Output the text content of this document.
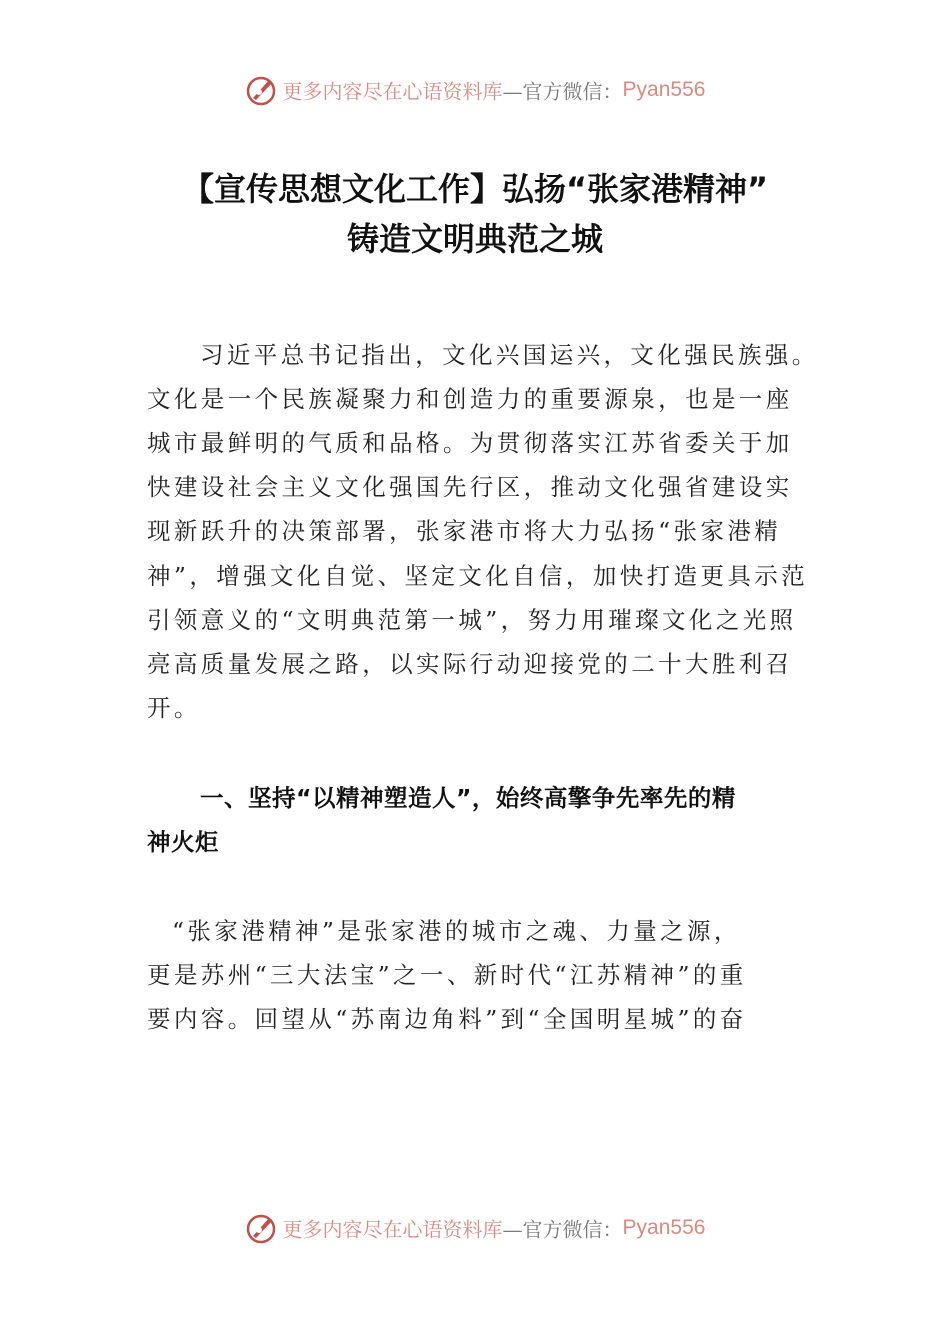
更多内容尽在心语资料库—官方微信：Pyan556
【宣传思想文化工作】弘扬“张家港精神”
铸造文明典范之城
习近平总书记指出，文化兴国运兴，文化强民族强。
文化是一个民族凝聚力和创造力的重要源泉，也是一座
城市最鲜明的气质和品格。为贯彻落实江苏省委关于加
快建设社会主义文化强国先行区，推动文化强省建设实
现新跃升的决策部署，张家港市将大力弘扬“张家港精
神”，增强文化自觉、坚定文化自信，加快打造更具示范
引领意义的“文明典范第一城”，努力用璀璨文化之光照
亮高质量发展之路，以实际行动迎接党的二十大胜利召
开。
一、坚持“以精神塑造人”，始终高擎争先率先的精
神火炬
“张家港精神”是张家港的城市之魂、力量之源，
更是苏州“三大法宝”之一、新时代“江苏精神”的重
要内容。回望从“苏南边角料”到“全国明星城”的奋
更多内容尽在心语资料库—官方微信：Pyan556
